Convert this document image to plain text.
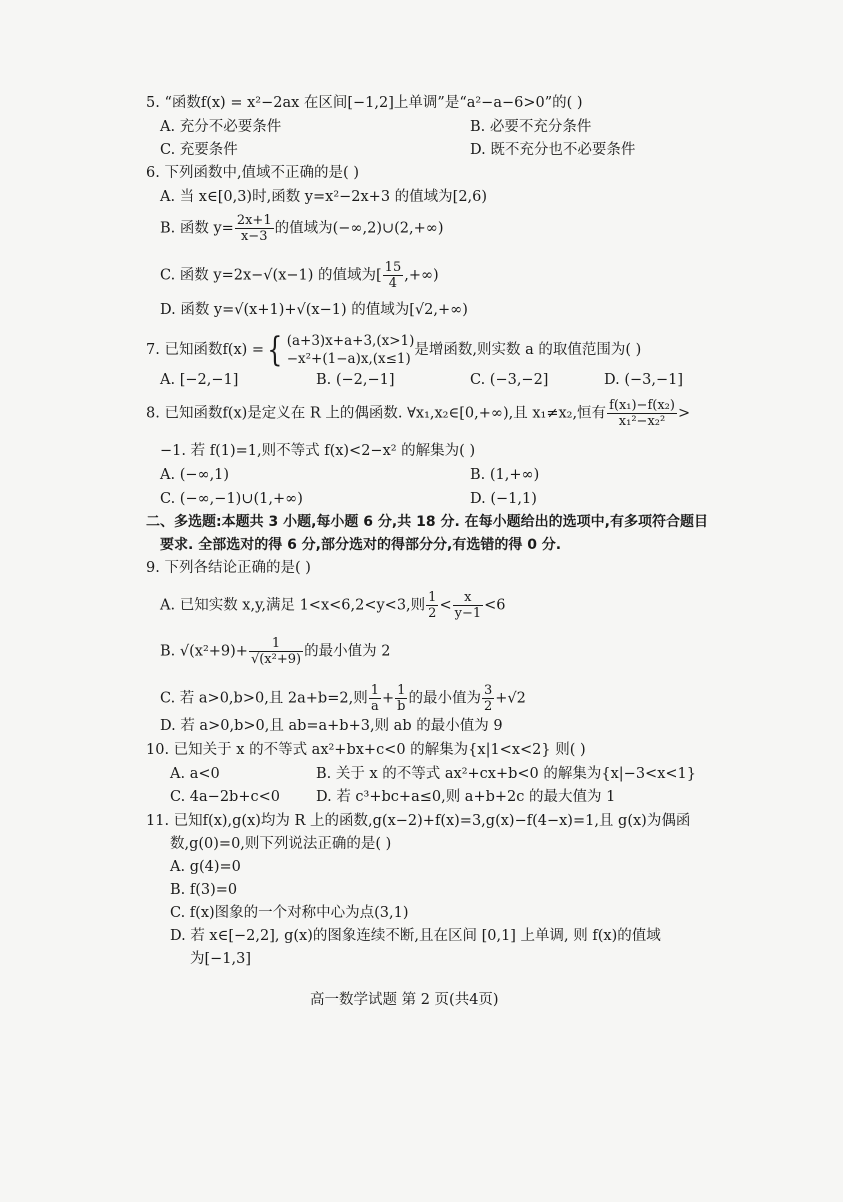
5. “函数f(x) = x²−2ax 在区间[−1,2]上单调”是“a²−a−6>0”的( )
A. 充分不必要条件	B. 必要不充分条件
C. 充要条件	D. 既不充分也不必要条件
6. 下列函数中,值域不正确的是( )
A. 当 x∈[0,3)时,函数 y=x²−2x+3 的值域为[2,6)
B. 函数 $y= \frac{2x+1}{x-3}$ 的值域为(−∞,2)∪(2,+∞)
C. 函数 y=2x−√(x−1) 的值域为[ $\frac{15}{4}$ ,+∞)
D. 函数 y=√(x+1)+√(x−1) 的值域为[√2,+∞)
7. 已知函数f(x) ={ (a+3)x+a+3,(x>1)
−x²+(1−a)x,(x≤1)
是增函数,则实数 a 的取值范围为( )
A. [−2,−1]	B. (−2,−1]	C. (−3,−2]	D. (−3,−1]
8. 已知函数f(x)是定义在 R 上的偶函数. ∀x₁,x₂∈[0,+∞),且 x₁≠x₂,恒有 $\frac{\text{f(x₁)−f(x₂)}}{\text{x₁²−x₂²}}$ >
−1. 若 f(1)=1,则不等式 f(x)<2−x² 的解集为( )
A. (−∞,1)	B. (1,+∞)
C. (−∞,−1)∪(1,+∞)	D. (−1,1)
二、多选题:本题共 3 小题,每小题 6 分,共 18 分. 在每小题给出的选项中,有多项符合题目
要求. 全部选对的得 6 分,部分选对的得部分分,有选错的得 0 分.
9. 下列各结论正确的是( )
A. 已知实数 x,y,满足 1<x<6,2<y<3,则 $\frac{1}{2} < \frac{x}{y-1} <6$
B. $√(x^2+9)+ \frac{1}{\text{√(x²+9)}}$ 的最小值为 2
C. 若 a>0,b>0,且 2a+b=2,则 $\frac{1}{a} + \frac{1}{b}$ 的最小值为 $\frac{3}{2} +√2$
D. 若 a>0,b>0,且 ab=a+b+3,则 ab 的最小值为 9
10. 已知关于 x 的不等式 ax²+bx+c<0 的解集为{x|1<x<2} 则( )
A. a<0	B. 关于 x 的不等式 ax²+cx+b<0 的解集为{x|−3<x<1}
C. 4a−2b+c<0 D. 若 c³+bc+a≤0,则 a+b+2c 的最大值为 1
11. 已知f(x),g(x)均为 R 上的函数,g(x−2)+f(x)=3,g(x)−f(4−x)=1,且 g(x)为偶函
数,g(0)=0,则下列说法正确的是( )
A. g(4)=0
B. f(3)=0
C. f(x)图象的一个对称中心为点(3,1)
D. 若 x∈[−2,2], g(x)的图象连续不断,且在区间 [0,1] 上单调, 则 f(x)的值域
为[−1,3]
高一数学试题 第 2 页(共4页)
